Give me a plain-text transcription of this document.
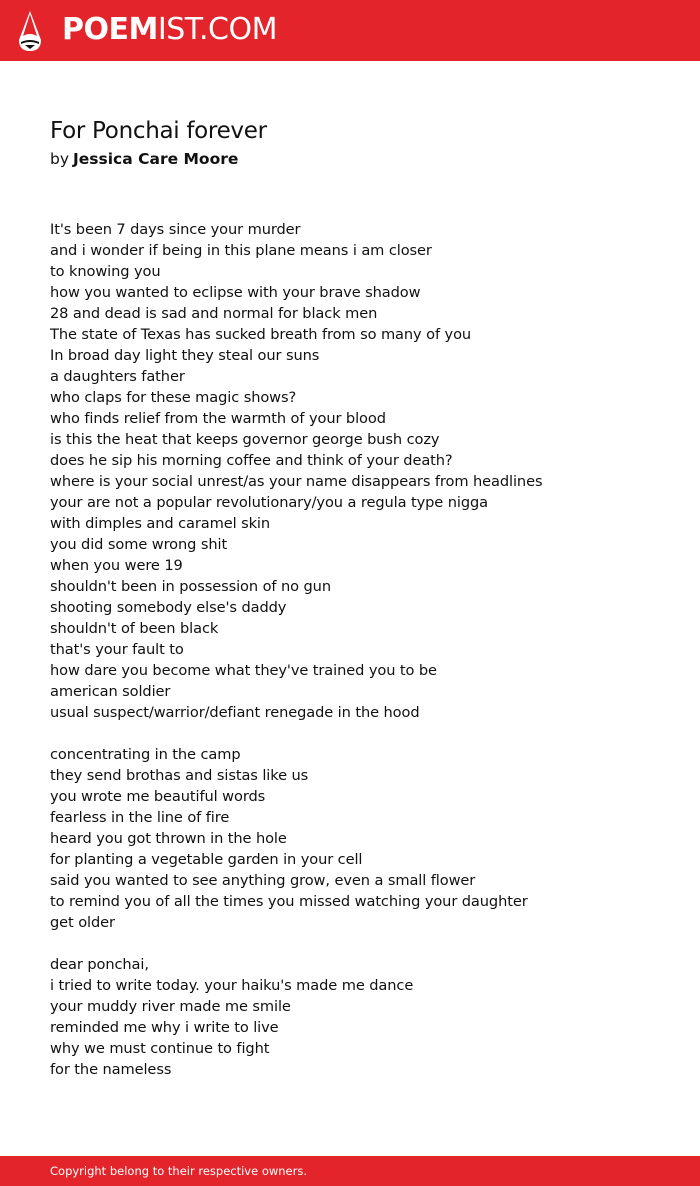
POEMIST.COM
For Ponchai forever
by Jessica Care Moore
It's been 7 days since your murder
and i wonder if being in this plane means i am closer
to knowing you
how you wanted to eclipse with your brave shadow
28 and dead is sad and normal for black men
The state of Texas has sucked breath from so many of you
In broad day light they steal our suns
a daughters father
who claps for these magic shows?
who finds relief from the warmth of your blood
is this the heat that keeps governor george bush cozy
does he sip his morning coffee and think of your death?
where is your social unrest/as your name disappears from headlines
your are not a popular revolutionary/you a regula type nigga
with dimples and caramel skin
you did some wrong shit
when you were 19
shouldn't been in possession of no gun
shooting somebody else's daddy
shouldn't of been black
that's your fault to
how dare you become what they've trained you to be
american soldier
usual suspect/warrior/defiant renegade in the hood
concentrating in the camp
they send brothas and sistas like us
you wrote me beautiful words
fearless in the line of fire
heard you got thrown in the hole
for planting a vegetable garden in your cell
said you wanted to see anything grow, even a small flower
to remind you of all the times you missed watching your daughter
get older
dear ponchai,
i tried to write today. your haiku's made me dance
your muddy river made me smile
reminded me why i write to live
why we must continue to fight
for the nameless
Copyright belong to their respective owners.
